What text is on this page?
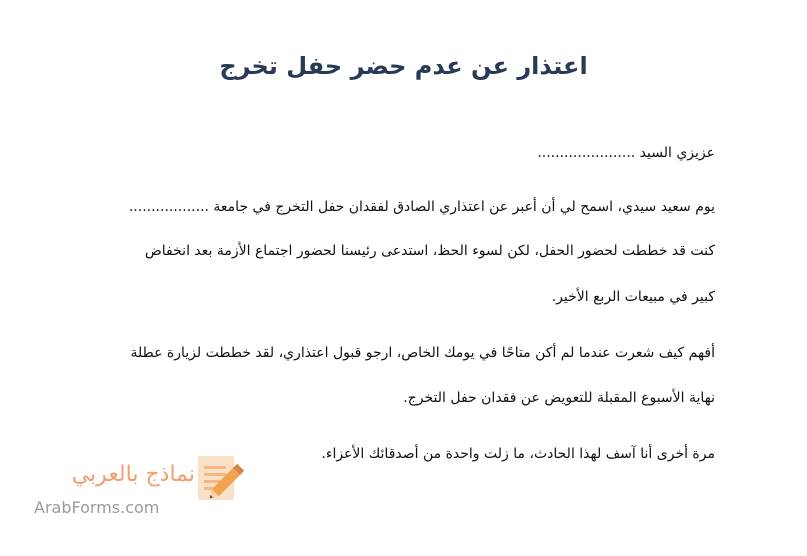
اعتذار عن عدم حضر حفل تخرج

عزيزي السيد ......................

يوم سعيد سيدي، اسمح لي أن أعبر عن اعتذاري الصادق لفقدان حفل التخرج في جامعة ..................

كنت قد خططت لحضور الحفل، لكن لسوء الحظ، استدعى رئيسنا لحضور اجتماع الأزمة بعد انخفاض

كبير في مبيعات الربع الأخير.

أفهم كيف شعرت عندما لم أكن متاحًا في يومك الخاص، ارجو قبول اعتذاري، لقد خططت لزيارة عطلة

نهاية الأسبوع المقبلة للتعويض عن فقدان حفل التخرج.

مرة أخرى أنا آسف لهذا الحادث، ما زلت واحدة من أصدقائك الأعزاء.

نماذج بالعربي
ArabForms.com
